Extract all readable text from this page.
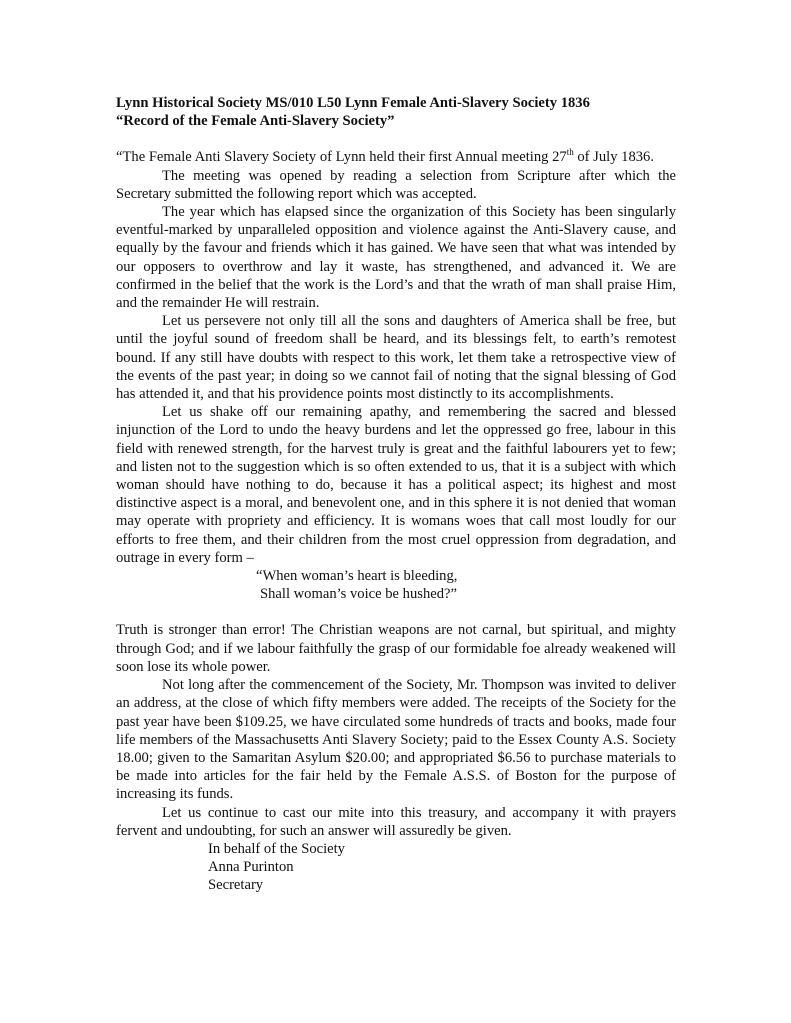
Lynn Historical Society MS/010 L50 Lynn Female Anti-Slavery Society 1836
“Record of the Female Anti-Slavery Society”

“The Female Anti Slavery Society of Lynn held their first Annual meeting 27th of July 1836.

The meeting was opened by reading a selection from Scripture after which the Secretary submitted the following report which was accepted.

The year which has elapsed since the organization of this Society has been singularly eventful-marked by unparalleled opposition and violence against the Anti-Slavery cause, and equally by the favour and friends which it has gained. We have seen that what was intended by our opposers to overthrow and lay it waste, has strengthened, and advanced it. We are confirmed in the belief that the work is the Lord’s and that the wrath of man shall praise Him, and the remainder He will restrain.

Let us persevere not only till all the sons and daughters of America shall be free, but until the joyful sound of freedom shall be heard, and its blessings felt, to earth’s remotest bound. If any still have doubts with respect to this work, let them take a retrospective view of the events of the past year; in doing so we cannot fail of noting that the signal blessing of God has attended it, and that his providence points most distinctly to its accomplishments.

Let us shake off our remaining apathy, and remembering the sacred and blessed injunction of the Lord to undo the heavy burdens and let the oppressed go free, labour in this field with renewed strength, for the harvest truly is great and the faithful labourers yet to few; and listen not to the suggestion which is so often extended to us, that it is a subject with which woman should have nothing to do, because it has a political aspect; its highest and most distinctive aspect is a moral, and benevolent one, and in this sphere it is not denied that woman may operate with propriety and efficiency. It is womans woes that call most loudly for our efforts to free them, and their children from the most cruel oppression from degradation, and outrage in every form –

“When woman’s heart is bleeding,
Shall woman’s voice be hushed?”

Truth is stronger than error! The Christian weapons are not carnal, but spiritual, and mighty through God; and if we labour faithfully the grasp of our formidable foe already weakened will soon lose its whole power.

Not long after the commencement of the Society, Mr. Thompson was invited to deliver an address, at the close of which fifty members were added. The receipts of the Society for the past year have been $109.25, we have circulated some hundreds of tracts and books, made four life members of the Massachusetts Anti Slavery Society; paid to the Essex County A.S. Society 18.00; given to the Samaritan Asylum $20.00; and appropriated $6.56 to purchase materials to be made into articles for the fair held by the Female A.S.S. of Boston for the purpose of increasing its funds.

Let us continue to cast our mite into this treasury, and accompany it with prayers fervent and undoubting, for such an answer will assuredly be given.

In behalf of the Society
Anna Purinton
Secretary
